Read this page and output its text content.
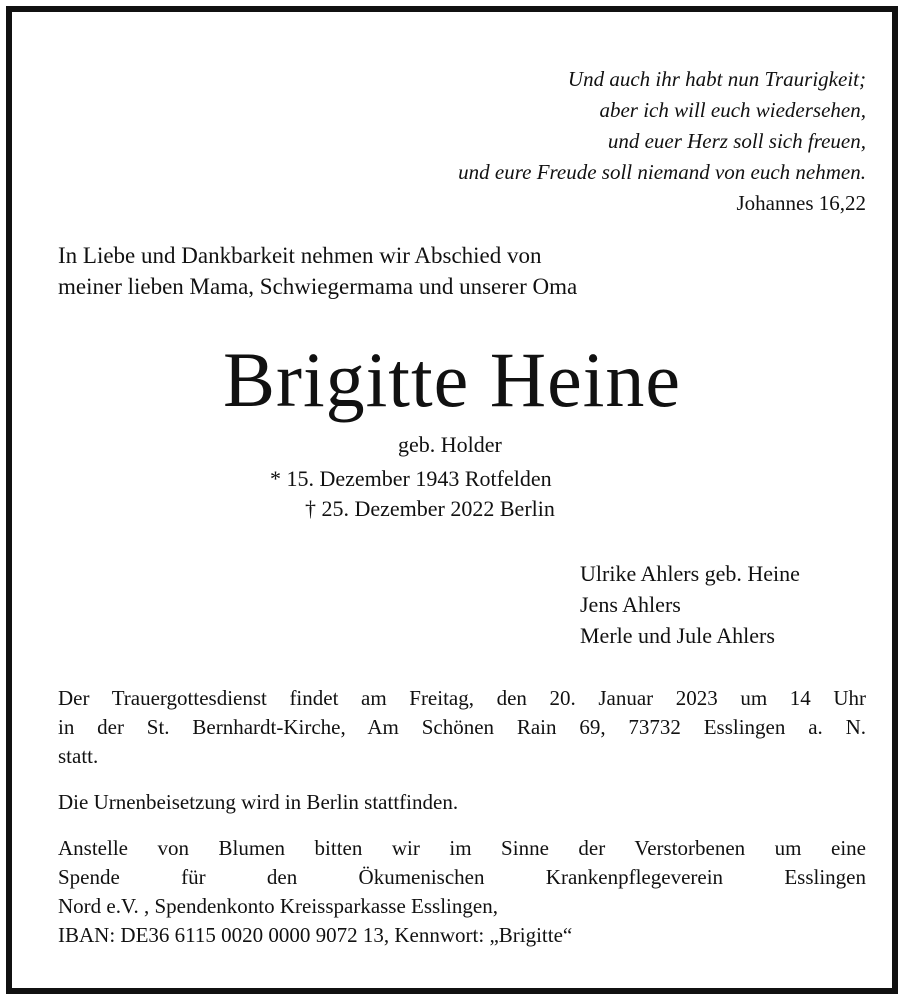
Und auch ihr habt nun Traurigkeit;
aber ich will euch wiedersehen,
und euer Herz soll sich freuen,
und eure Freude soll niemand von euch nehmen.
Johannes 16,22
In Liebe und Dankbarkeit nehmen wir Abschied von
meiner lieben Mama, Schwiegermama und unserer Oma
Brigitte Heine
geb. Holder
* 15. Dezember 1943 Rotfelden
† 25. Dezember 2022 Berlin
Ulrike Ahlers geb. Heine
Jens Ahlers
Merle und Jule Ahlers
Der Trauergottesdienst findet am Freitag, den 20. Januar 2023 um 14 Uhr
in der St. Bernhardt-Kirche, Am Schönen Rain 69, 73732 Esslingen a. N.
statt.
Die Urnenbeisetzung wird in Berlin stattfinden.
Anstelle von Blumen bitten wir im Sinne der Verstorbenen um eine
Spende für den Ökumenischen Krankenpflegeverein Esslingen
Nord e.V. , Spendenkonto Kreissparkasse Esslingen,
IBAN: DE36 6115 0020 0000 9072 13, Kennwort: „Brigitte“
